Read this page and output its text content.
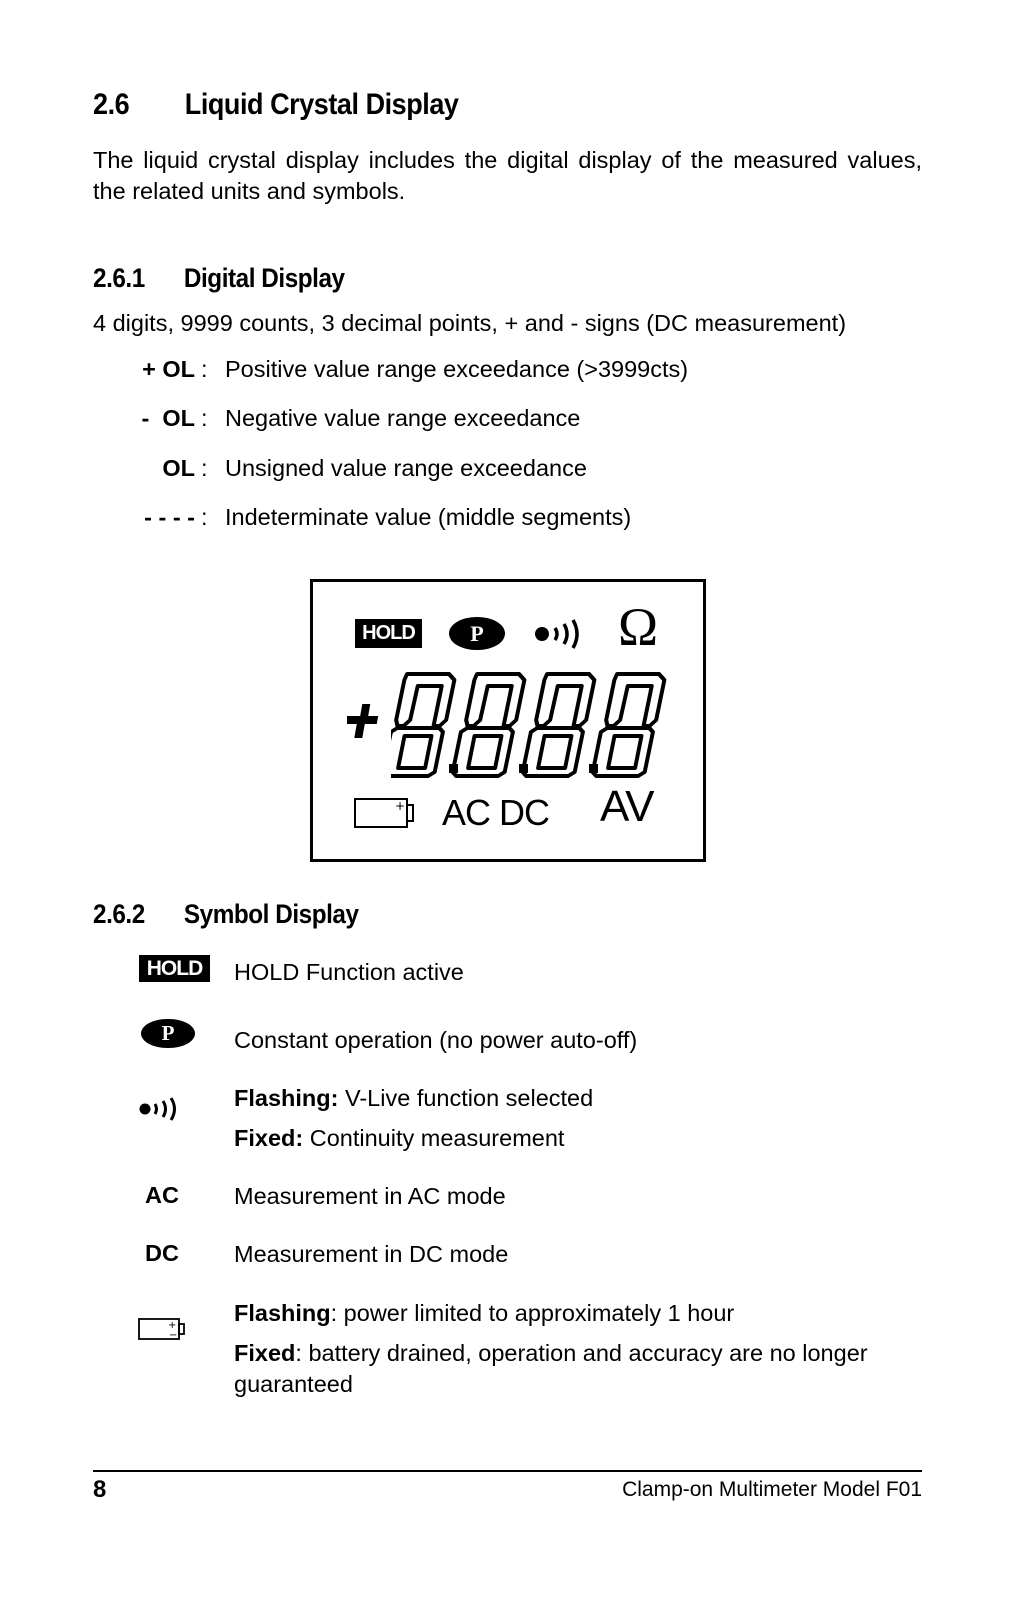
2.6 Liquid Crystal Display
The liquid crystal display includes the digital display of the measured values, the related units and symbols.
2.6.1 Digital Display
4 digits, 9999 counts, 3 decimal points, + and - signs (DC measurement)
+ OL : Positive value range exceedance (>3999cts)
-  OL : Negative value range exceedance
OL : Unsigned value range exceedance
- - - - : Indeterminate value (middle segments)
HOLD	P	Ω
+ AC DC AV
2.6.2 Symbol Display
HOLD	HOLD Function active
P	Constant operation (no power auto-off)
Flashing: V-Live function selected
Fixed: Continuity measurement
AC Measurement in AC mode
DC Measurement in DC mode
+
−
Flashing: power limited to approximately 1 hour
Fixed: battery drained, operation and accuracy are no longer guaranteed
8	Clamp-on Multimeter Model F01
